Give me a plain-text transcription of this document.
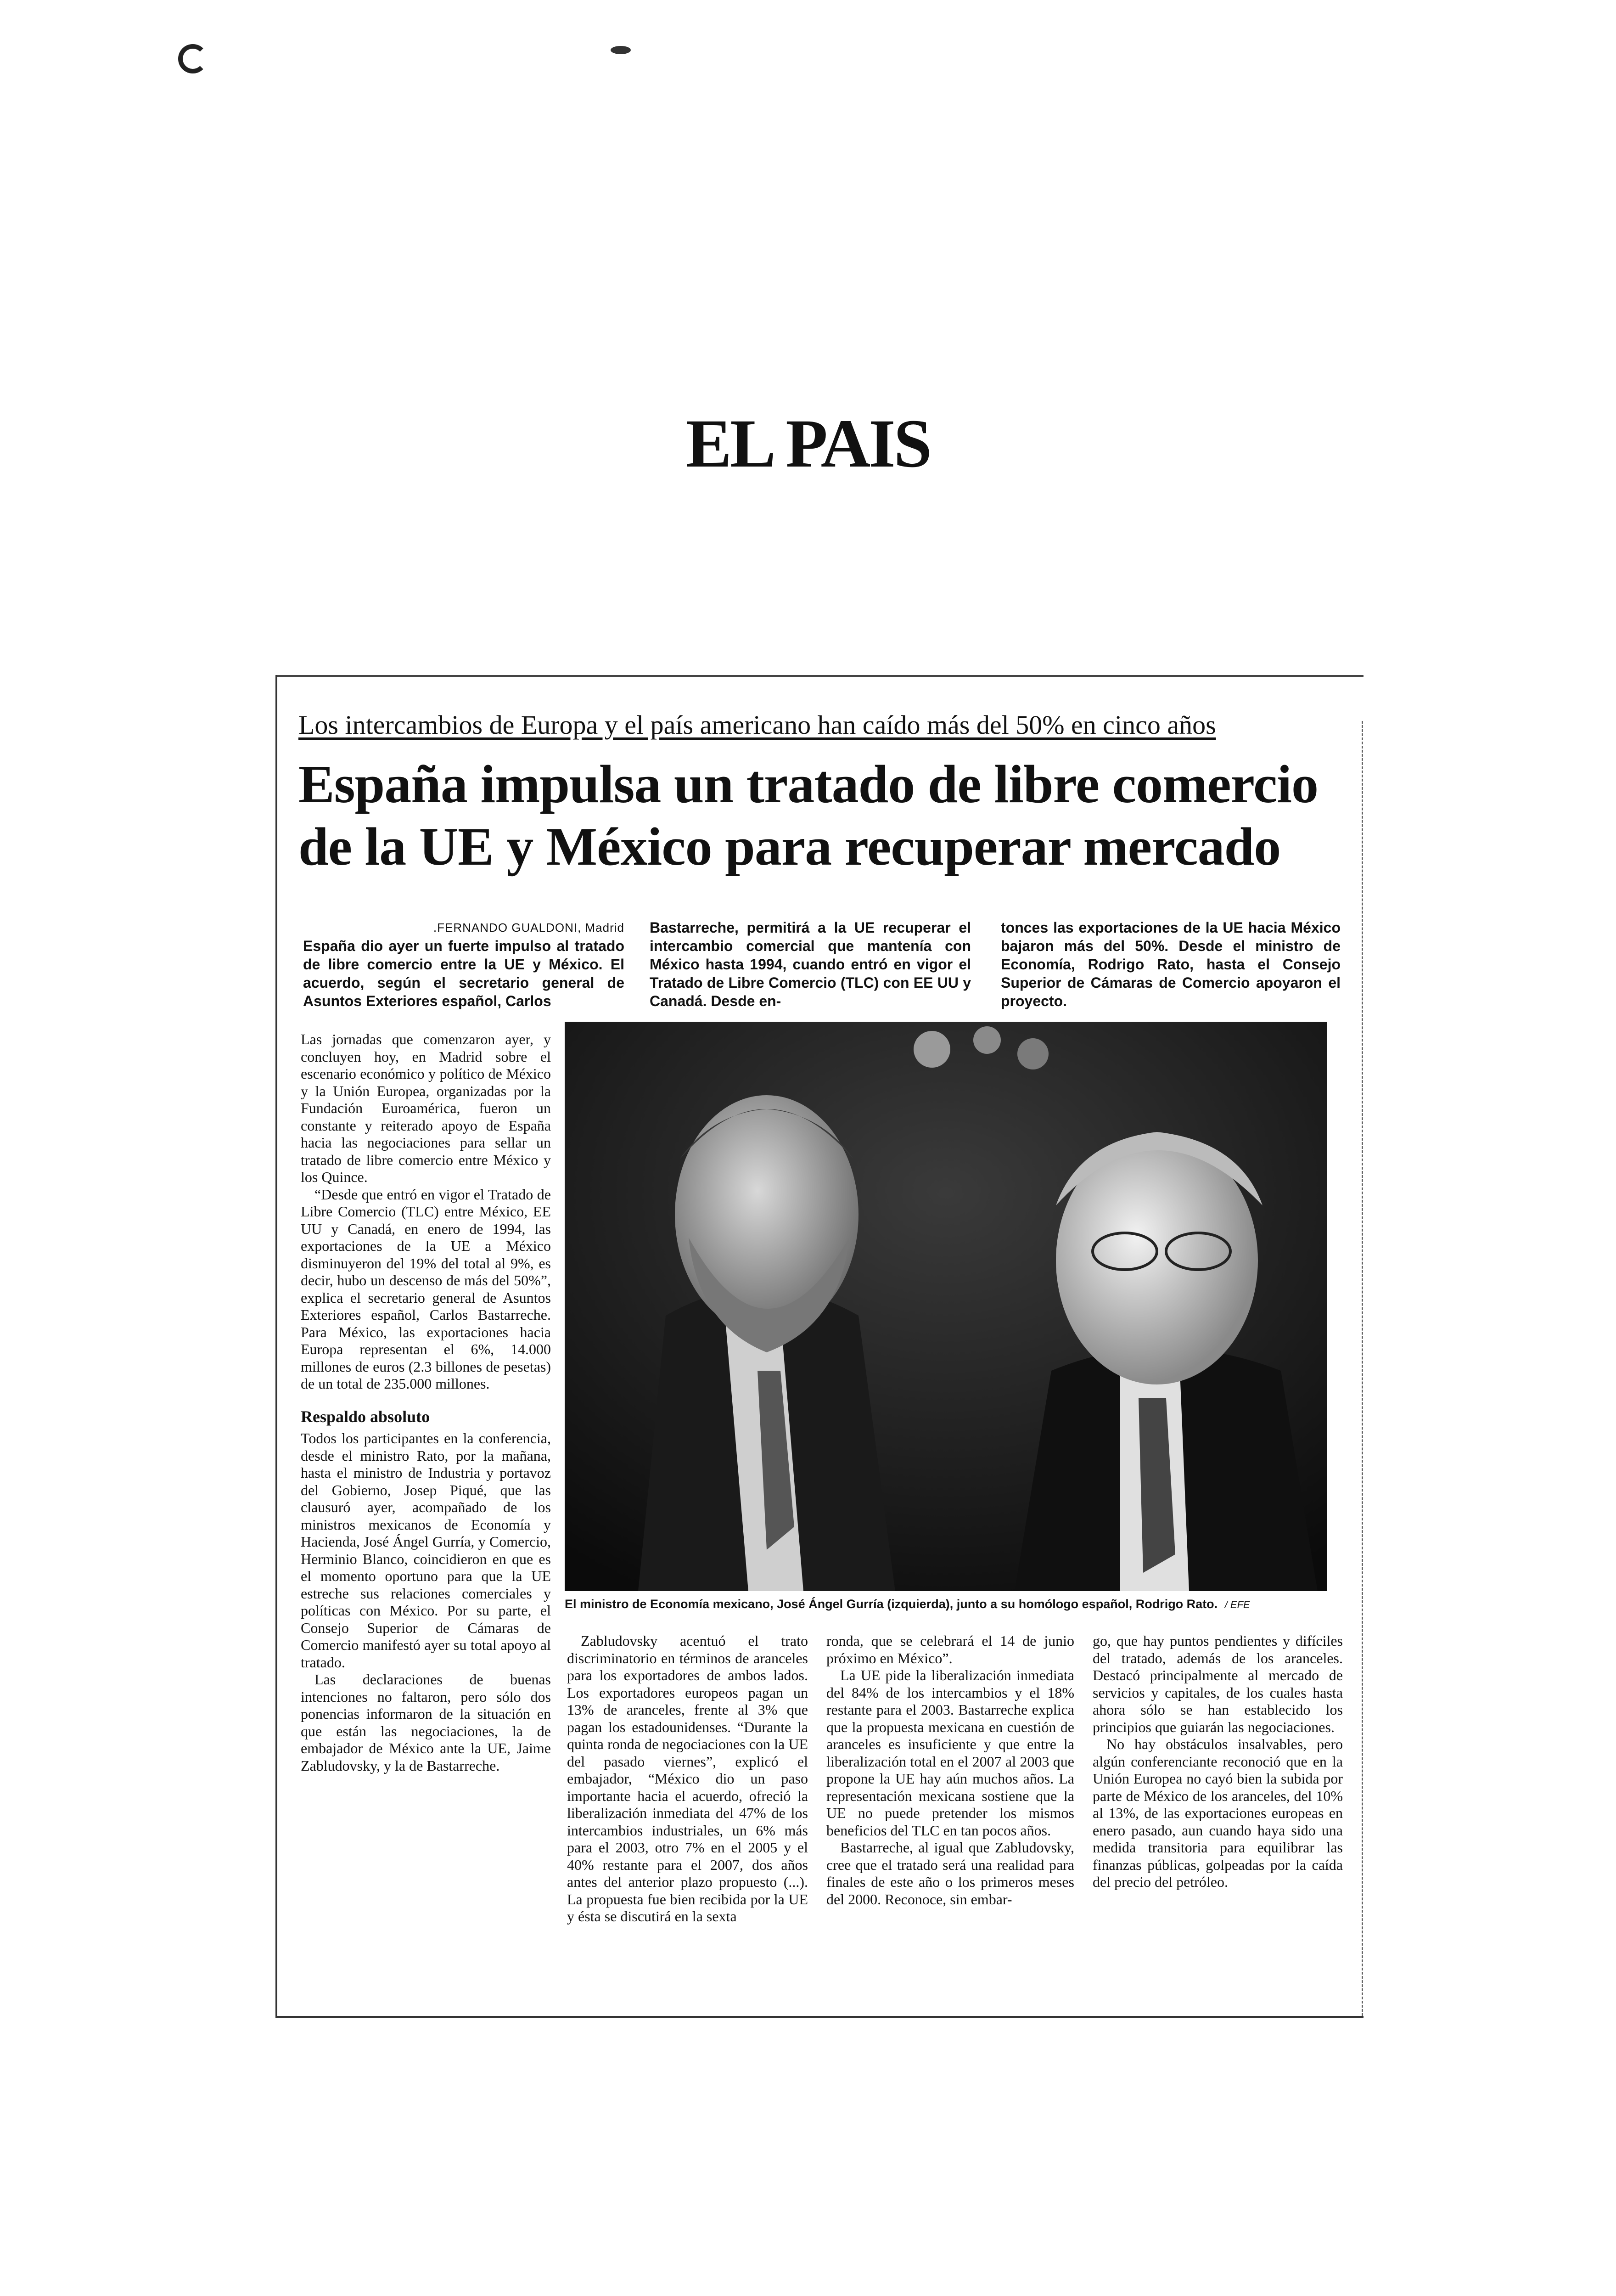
EL PAIS
Los intercambios de Europa y el país americano han caído más del 50% en cinco años
España impulsa un tratado de libre comercio
de la UE y México para recuperar mercado
.FERNANDO GUALDONI, Madrid
España dio ayer un fuerte impulso al tratado de libre comercio entre la UE y México. El acuerdo, según el secretario general de Asuntos Exteriores español, Carlos
Bastarreche, permitirá a la UE recuperar el intercambio comercial que mantenía con México hasta 1994, cuando entró en vigor el Tratado de Libre Comercio (TLC) con EE UU y Canadá. Desde en-
tonces las exportaciones de la UE hacia México bajaron más del 50%. Desde el ministro de Economía, Rodrigo Rato, hasta el Consejo Superior de Cámaras de Comercio apoyaron el proyecto.

Las jornadas que comenzaron ayer, y concluyen hoy, en Madrid sobre el escenario económico y político de México y la Unión Europea, organizadas por la Fundación Euroamérica, fueron un constante y reiterado apoyo de España hacia las negociaciones para sellar un tratado de libre comercio entre México y los Quince.

“Desde que entró en vigor el Tratado de Libre Comercio (TLC) entre México, EE UU y Canadá, en enero de 1994, las exportaciones de la UE a México disminuyeron del 19% del total al 9%, es decir, hubo un descenso de más del 50%”, explica el secretario general de Asuntos Exteriores español, Carlos Bastarreche. Para México, las exportaciones hacia Europa representan el 6%, 14.000 millones de euros (2.3 billones de pesetas) de un total de 235.000 millones.

Respaldo absoluto

Todos los participantes en la conferencia, desde el ministro Rato, por la mañana, hasta el ministro de Industria y portavoz del Gobierno, Josep Piqué, que las clausuró ayer, acompañado de los ministros mexicanos de Economía y Hacienda, José Ángel Gurría, y Comercio, Herminio Blanco, coincidieron en que es el momento oportuno para que la UE estreche sus relaciones comerciales y políticas con México. Por su parte, el Consejo Superior de Cámaras de Comercio manifestó ayer su total apoyo al tratado.

Las declaraciones de buenas intenciones no faltaron, pero sólo dos ponencias informaron de la situación en que están las negociaciones, la de embajador de México ante la UE, Jaime Zabludovsky, y la de Bastarreche.

El ministro de Economía mexicano, José Ángel Gurría (izquierda), junto a su homólogo español, Rodrigo Rato. / EFE

Zabludovsky acentuó el trato discriminatorio en términos de aranceles para los exportadores de ambos lados. Los exportadores europeos pagan un 13% de aranceles, frente al 3% que pagan los estadounidenses. “Durante la quinta ronda de negociaciones con la UE del pasado viernes”, explicó el embajador, “México dio un paso importante hacia el acuerdo, ofreció la liberalización inmediata del 47% de los intercambios industriales, un 6% más para el 2003, otro 7% en el 2005 y el 40% restante para el 2007, dos años antes del anterior plazo propuesto (...). La propuesta fue bien recibida por la UE y ésta se discutirá en la sexta

ronda, que se celebrará el 14 de junio próximo en México”.

La UE pide la liberalización inmediata del 84% de los intercambios y el 18% restante para el 2003. Bastarreche explica que la propuesta mexicana en cuestión de aranceles es insuficiente y que entre la liberalización total en el 2007 al 2003 que propone la UE hay aún muchos años. La representación mexicana sostiene que la UE no puede pretender los mismos beneficios del TLC en tan pocos años.

Bastarreche, al igual que Zabludovsky, cree que el tratado será una realidad para finales de este año o los primeros meses del 2000. Reconoce, sin embar-

go, que hay puntos pendientes y difíciles del tratado, además de los aranceles. Destacó principalmente al mercado de servicios y capitales, de los cuales hasta ahora sólo se han establecido los principios que guiarán las negociaciones.

No hay obstáculos insalvables, pero algún conferenciante reconoció que en la Unión Europea no cayó bien la subida por parte de México de los aranceles, del 10% al 13%, de las exportaciones europeas en enero pasado, aun cuando haya sido una medida transitoria para equilibrar las finanzas públicas, golpeadas por la caída del precio del petróleo.
